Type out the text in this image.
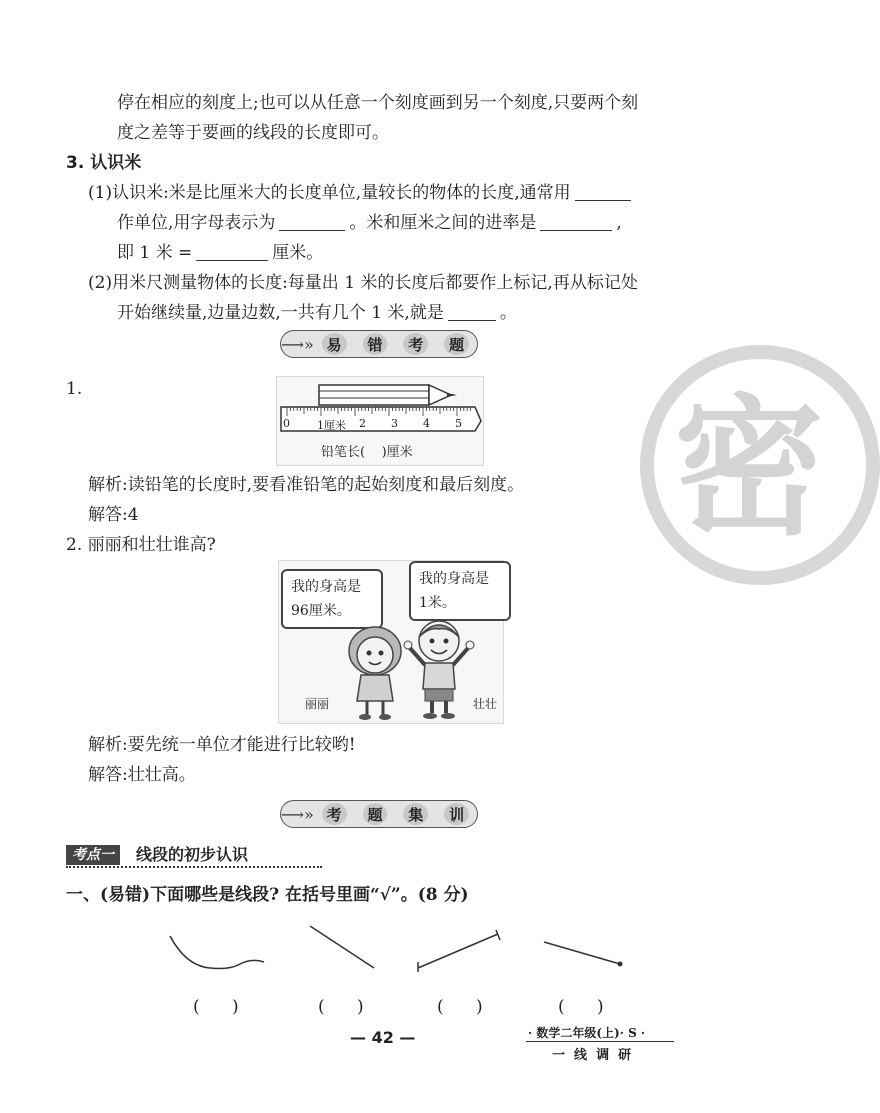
密
停在相应的刻度上;也可以从任意一个刻度画到另一个刻度,只要两个刻
度之差等于要画的线段的长度即可。
3. 认识米
(1)认识米:米是比厘米大的长度单位,量较长的物体的长度,通常用
作单位,用字母表示为	。米和厘米之间的进率是	,
即 1 米 =	厘米。
(2)用米尺测量物体的长度:每量出 1 米的长度后都要作上标记,再从标记处
开始继续量,边量边数,一共有几个 1 米,就是	。
⟶» 易	错	考	题
1.
0 1厘米 2 3 4 5
铅笔长(    )厘米
解析:读铅笔的长度时,要看准铅笔的起始刻度和最后刻度。
解答:4
2. 丽丽和壮壮谁高?
我的身高是
96厘米。
我的身高是
1米。
丽丽	壮壮
解析:要先统一单位才能进行比较哟!
解答:壮壮高。
⟶» 考	题	集	训
考点一	线段的初步认识
一、(易错)下面哪些是线段? 在括号里画“√”。(8 分)
(      )	(      )	(      )	(      )
— 42 —	· 数学二年级(上)· S ·
一  线  调  研
